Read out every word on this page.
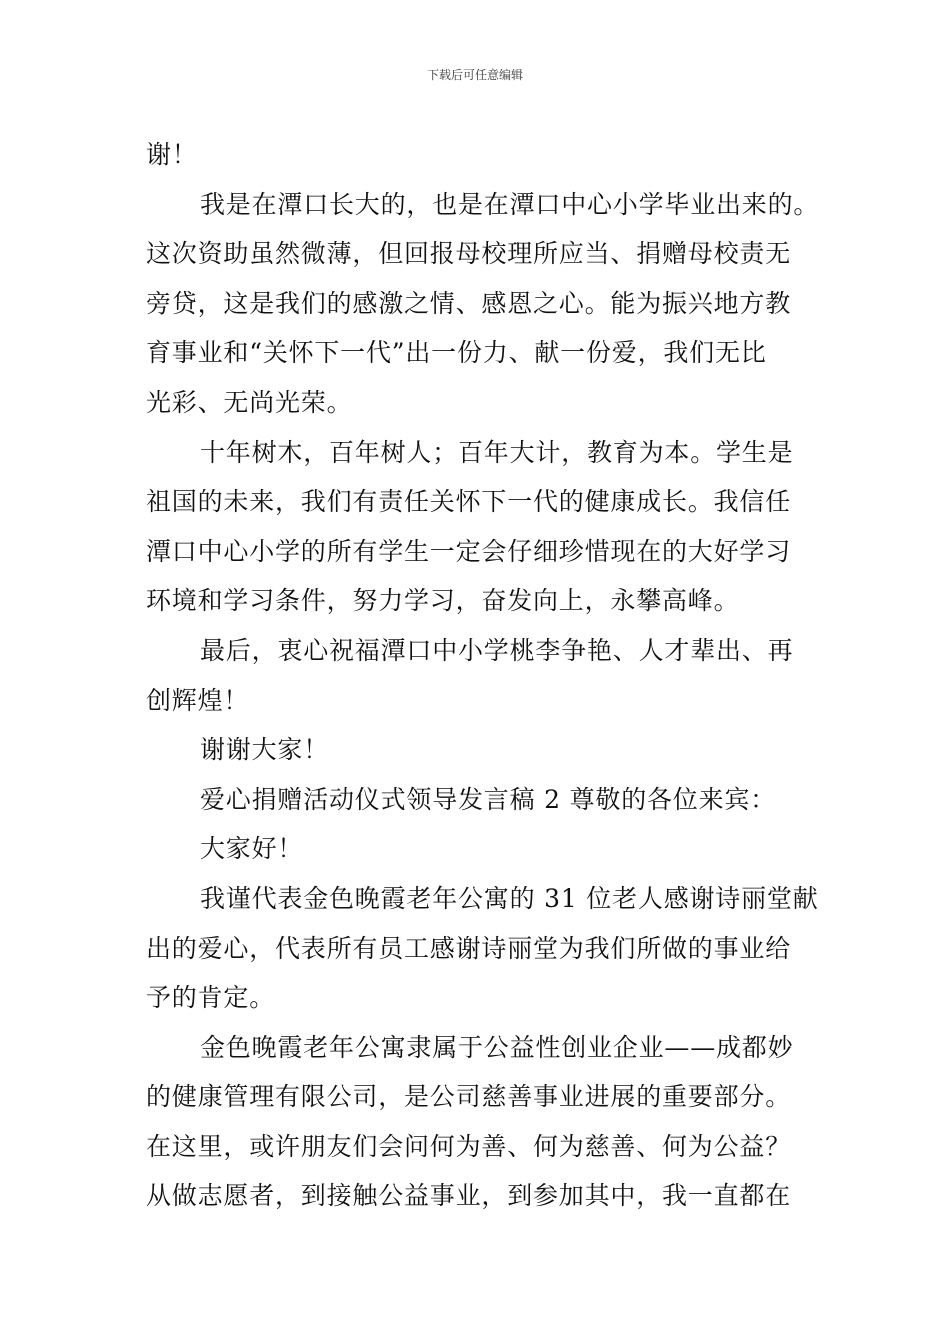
下载后可任意编辑
谢！
我是在潭口长大的，也是在潭口中心小学毕业出来的。
这次资助虽然微薄，但回报母校理所应当、捐赠母校责无
旁贷，这是我们的感激之情、感恩之心。能为振兴地方教
育事业和“关怀下一代”出一份力、献一份爱，我们无比
光彩、无尚光荣。
十年树木，百年树人；百年大计，教育为本。学生是
祖国的未来，我们有责任关怀下一代的健康成长。我信任
潭口中心小学的所有学生一定会仔细珍惜现在的大好学习
环境和学习条件，努力学习，奋发向上，永攀高峰。
最后，衷心祝福潭口中小学桃李争艳、人才辈出、再
创辉煌！
谢谢大家！
爱心捐赠活动仪式领导发言稿 2 尊敬的各位来宾：
大家好！
我谨代表金色晚霞老年公寓的 31 位老人感谢诗丽堂献
出的爱心，代表所有员工感谢诗丽堂为我们所做的事业给
予的肯定。
金色晚霞老年公寓隶属于公益性创业企业——成都妙
的健康管理有限公司，是公司慈善事业进展的重要部分。
在这里，或许朋友们会问何为善、何为慈善、何为公益？
从做志愿者，到接触公益事业，到参加其中，我一直都在
